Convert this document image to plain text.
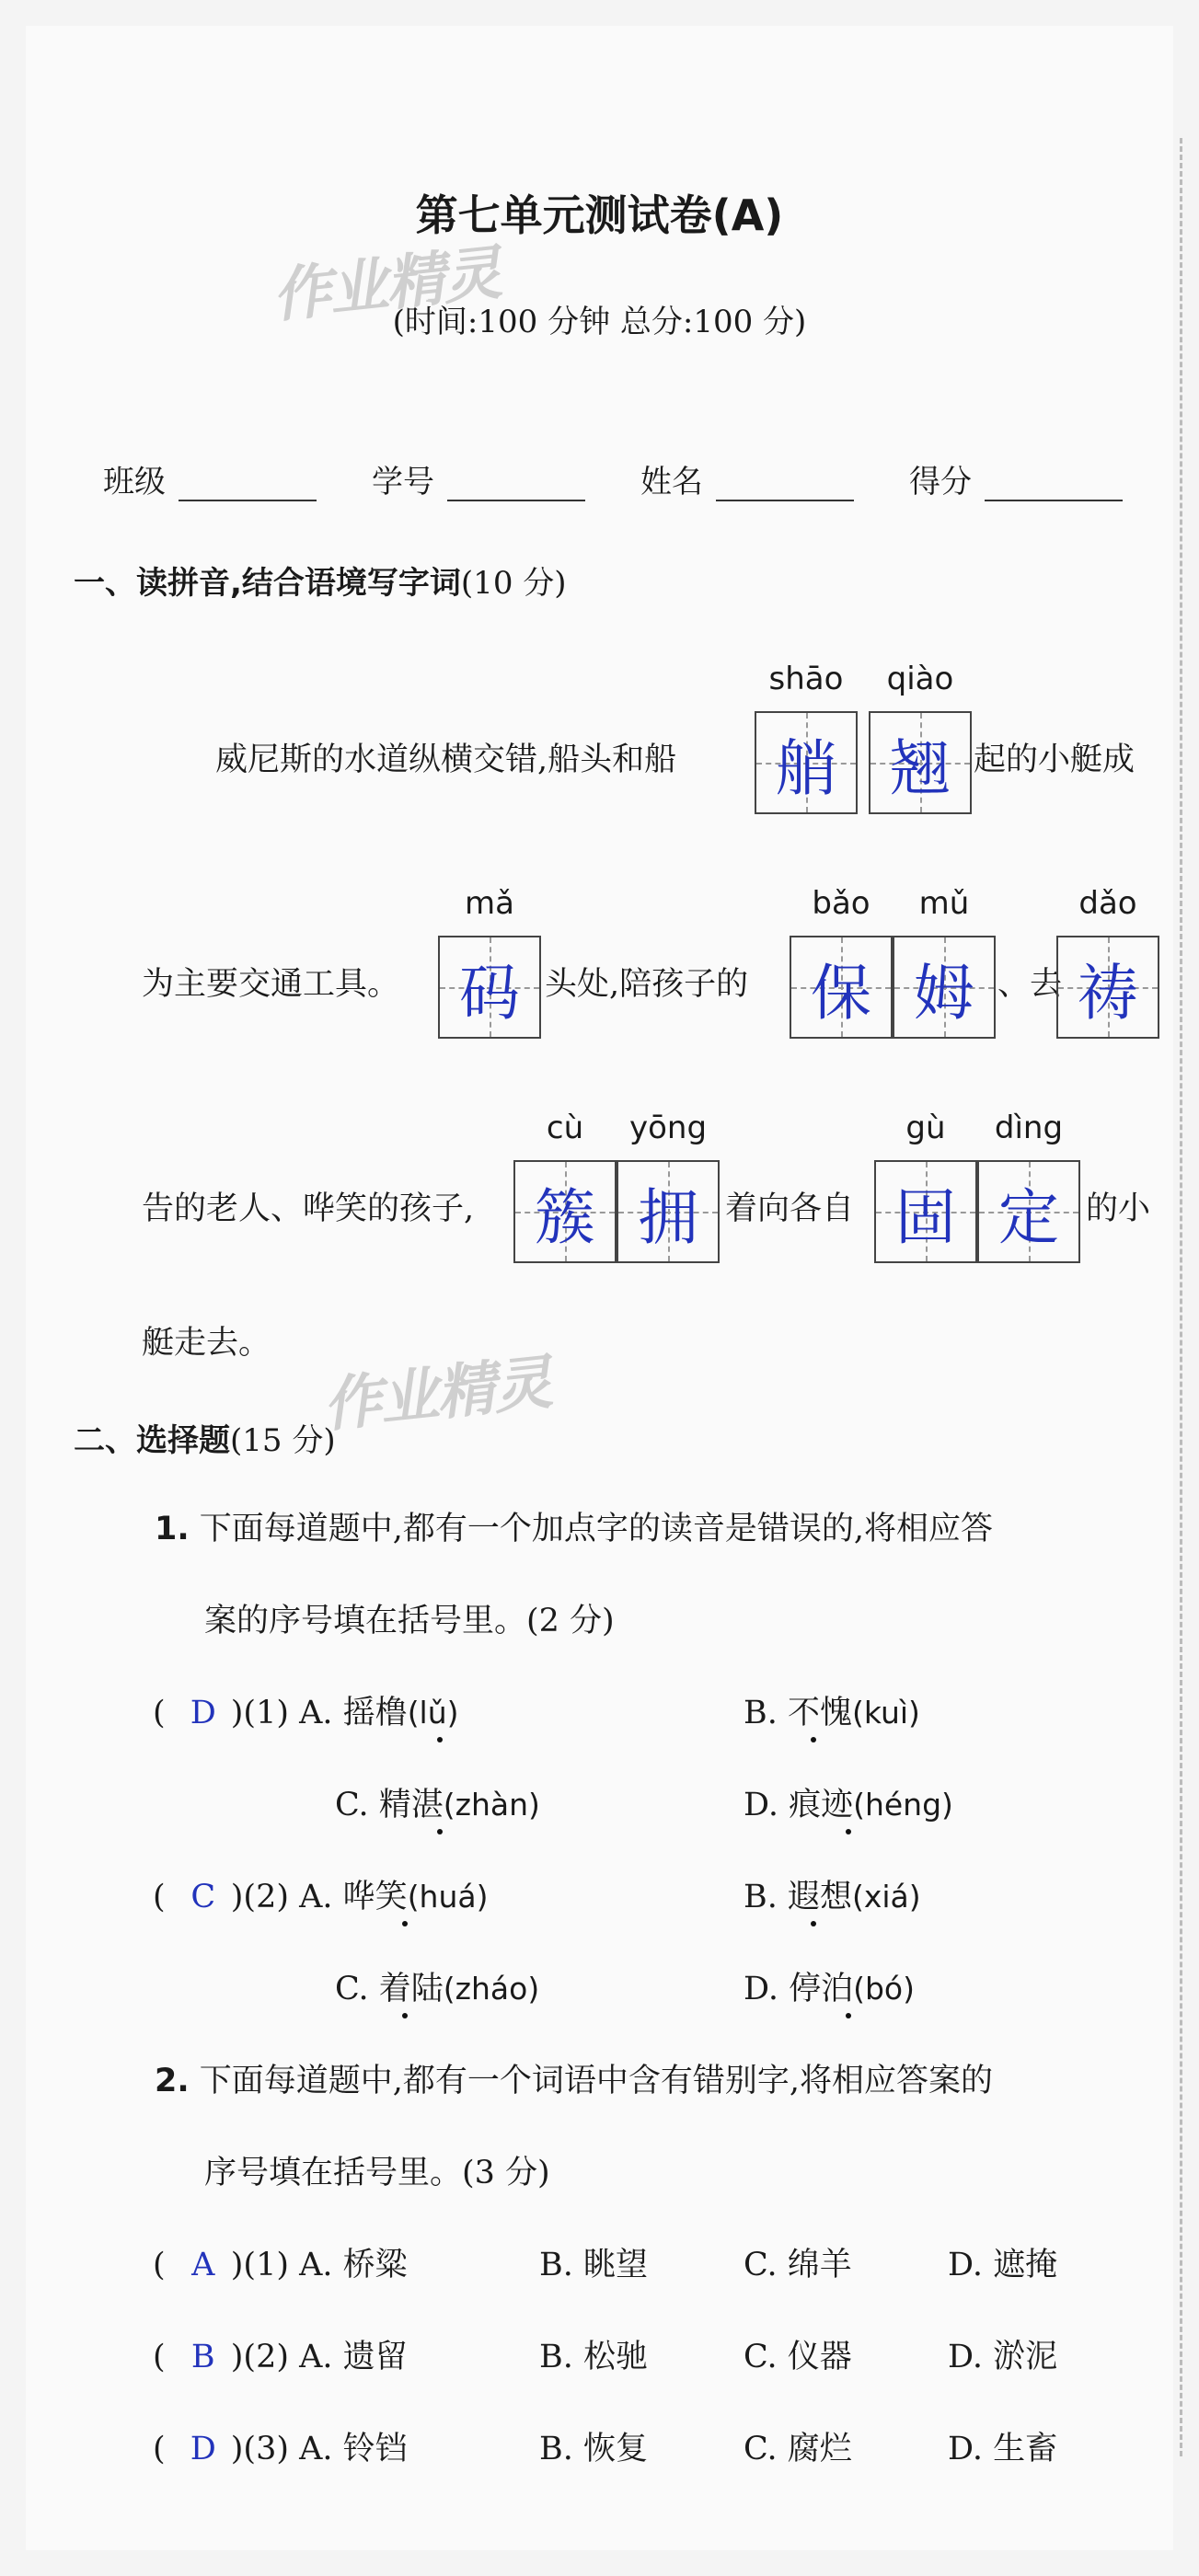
第七单元测试卷(A)
作业精灵
(时间:100 分钟 总分:100 分)
班级	学号	姓名	得分
一、读拼音,结合语境写字词(10 分)
威尼斯的水道纵横交错,船头和船
shāo	qiào
艄 翘 起的小艇成
为主要交通工具。
mǎ
码 头处,陪孩子的
bǎo	mǔ
保 姆 、去
dǎo
祷
告的老人、哗笑的孩子,
cù	yōng
簇 拥 着向各自
gù	dìng
固 定 的小
艇走去。
作业精灵
二、选择题(15 分)
1. 下面每道题中,都有一个加点字的读音是错误的,将相应答
案的序号填在括号里。(2 分)
( D )(1) A. 摇橹(lǔ)	B. 不愧(kuì)
C. 精湛(zhàn)	D. 痕迹(héng)
( C )(2) A. 哗笑(huá)	B. 遐想(xiá)
C. 着陆(zháo)	D. 停泊(bó)
2. 下面每道题中,都有一个词语中含有错别字,将相应答案的
序号填在括号里。(3 分)
( A )(1) A. 桥粱	B. 眺望	C. 绵羊	D. 遮掩
( B )(2) A. 遗留	B. 松驰	C. 仪器	D. 淤泥
( D )(3) A. 铃铛	B. 恢复	C. 腐烂	D. 生畜
